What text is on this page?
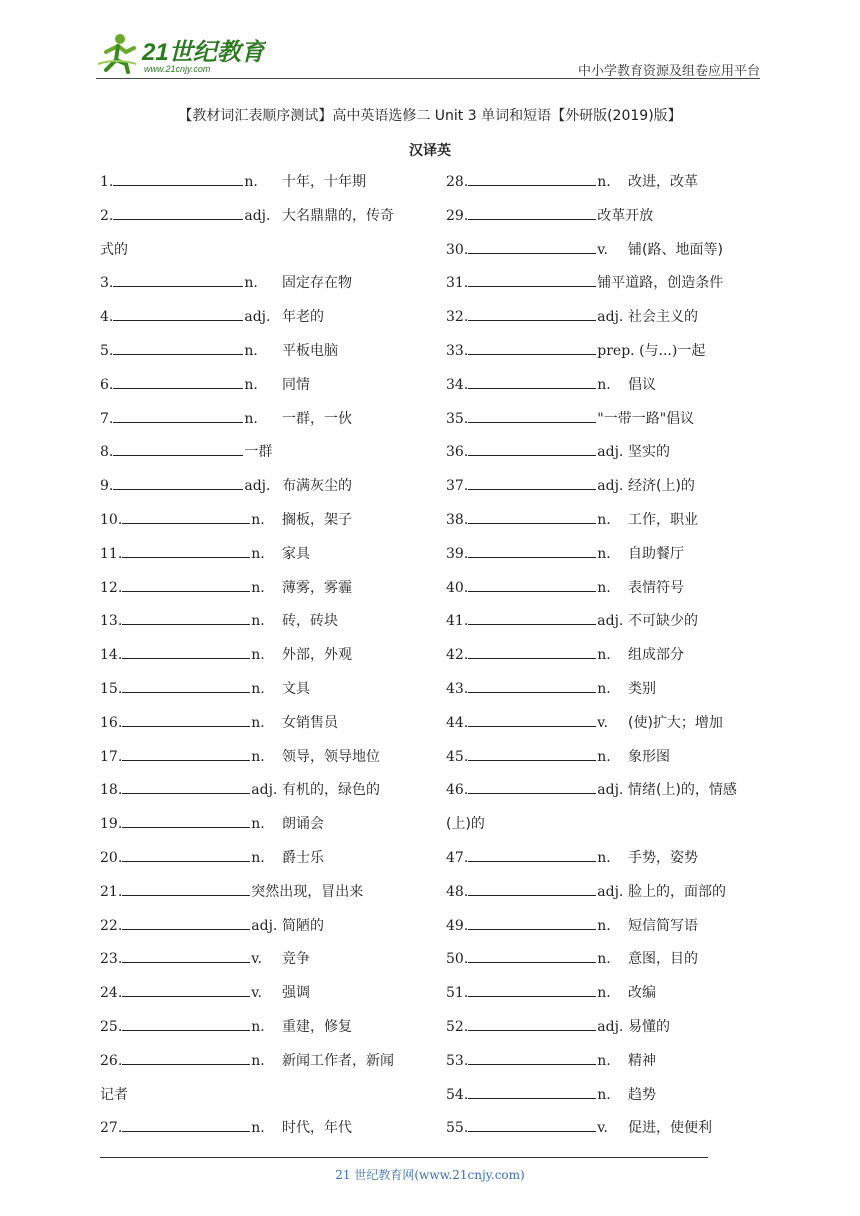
21世纪教育
www.21cnjy.com	中小学教育资源及组卷应用平台
【教材词汇表顺序测试】高中英语选修二 Unit 3 单词和短语【外研版(2019)版】
汉译英
1.	n. 十年，十年期
2.	adj. 大名鼎鼎的，传奇
式的
3.	n. 固定存在物
4.	adj. 年老的
5.	n. 平板电脑
6.	n. 同情
7.	n. 一群，一伙
8.	一群
9.	adj. 布满灰尘的
10.	n. 搁板，架子
11.	n. 家具
12.	n. 薄雾，雾霾
13.	n. 砖，砖块
14.	n. 外部，外观
15.	n. 文具
16.	n. 女销售员
17.	n. 领导，领导地位
18.	adj. 有机的，绿色的
19.	n. 朗诵会
20.	n. 爵士乐
21.	突然出现，冒出来
22.	adj. 简陋的
23.	v. 竞争
24.	v. 强调
25.	n. 重建，修复
26.	n. 新闻工作者，新闻
记者
27.	n. 时代，年代
28.	n. 改进，改革
29.	改革开放
30.	v. 铺(路、地面等)
31.	铺平道路，创造条件
32.	adj. 社会主义的
33.	prep. (与...)一起
34.	n. 倡议
35.	"一带一路"倡议
36.	adj. 坚实的
37.	adj. 经济(上)的
38.	n. 工作，职业
39.	n. 自助餐厅
40.	n. 表情符号
41.	adj. 不可缺少的
42.	n. 组成部分
43.	n. 类别
44.	v. (使)扩大；增加
45.	n. 象形图
46.	adj. 情绪(上)的，情感
(上)的
47.	n. 手势，姿势
48.	adj. 脸上的，面部的
49.	n. 短信简写语
50.	n. 意图，目的
51.	n. 改编
52.	adj. 易懂的
53.	n. 精神
54.	n. 趋势
55.	v. 促进，使便利
21 世纪教育网(www.21cnjy.com)
